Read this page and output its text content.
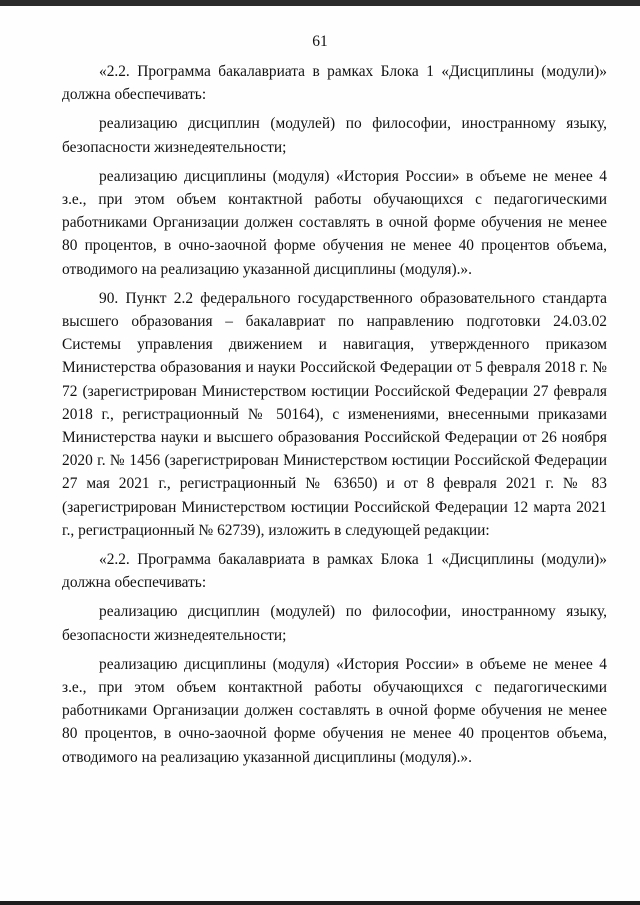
61

«2.2. Программа бакалавриата в рамках Блока 1 «Дисциплины (модули)» должна обеспечивать:

реализацию дисциплин (модулей) по философии, иностранному языку, безопасности жизнедеятельности;

реализацию дисциплины (модуля) «История России» в объеме не менее 4 з.е., при этом объем контактной работы обучающихся с педагогическими работниками Организации должен составлять в очной форме обучения не менее 80 процентов, в очно-заочной форме обучения не менее 40 процентов объема, отводимого на реализацию указанной дисциплины (модуля).».

90. Пункт 2.2 федерального государственного образовательного стандарта высшего образования – бакалавриат по направлению подготовки 24.03.02 Системы управления движением и навигация, утвержденного приказом Министерства образования и науки Российской Федерации от 5 февраля 2018 г. № 72 (зарегистрирован Министерством юстиции Российской Федерации 27 февраля 2018 г., регистрационный № 50164), с изменениями, внесенными приказами Министерства науки и высшего образования Российской Федерации от 26 ноября 2020 г. № 1456 (зарегистрирован Министерством юстиции Российской Федерации 27 мая 2021 г., регистрационный № 63650) и от 8 февраля 2021 г. № 83 (зарегистрирован Министерством юстиции Российской Федерации 12 марта 2021 г., регистрационный № 62739), изложить в следующей редакции:

«2.2. Программа бакалавриата в рамках Блока 1 «Дисциплины (модули)» должна обеспечивать:

реализацию дисциплин (модулей) по философии, иностранному языку, безопасности жизнедеятельности;

реализацию дисциплины (модуля) «История России» в объеме не менее 4 з.е., при этом объем контактной работы обучающихся с педагогическими работниками Организации должен составлять в очной форме обучения не менее 80 процентов, в очно-заочной форме обучения не менее 40 процентов объема, отводимого на реализацию указанной дисциплины (модуля).».
